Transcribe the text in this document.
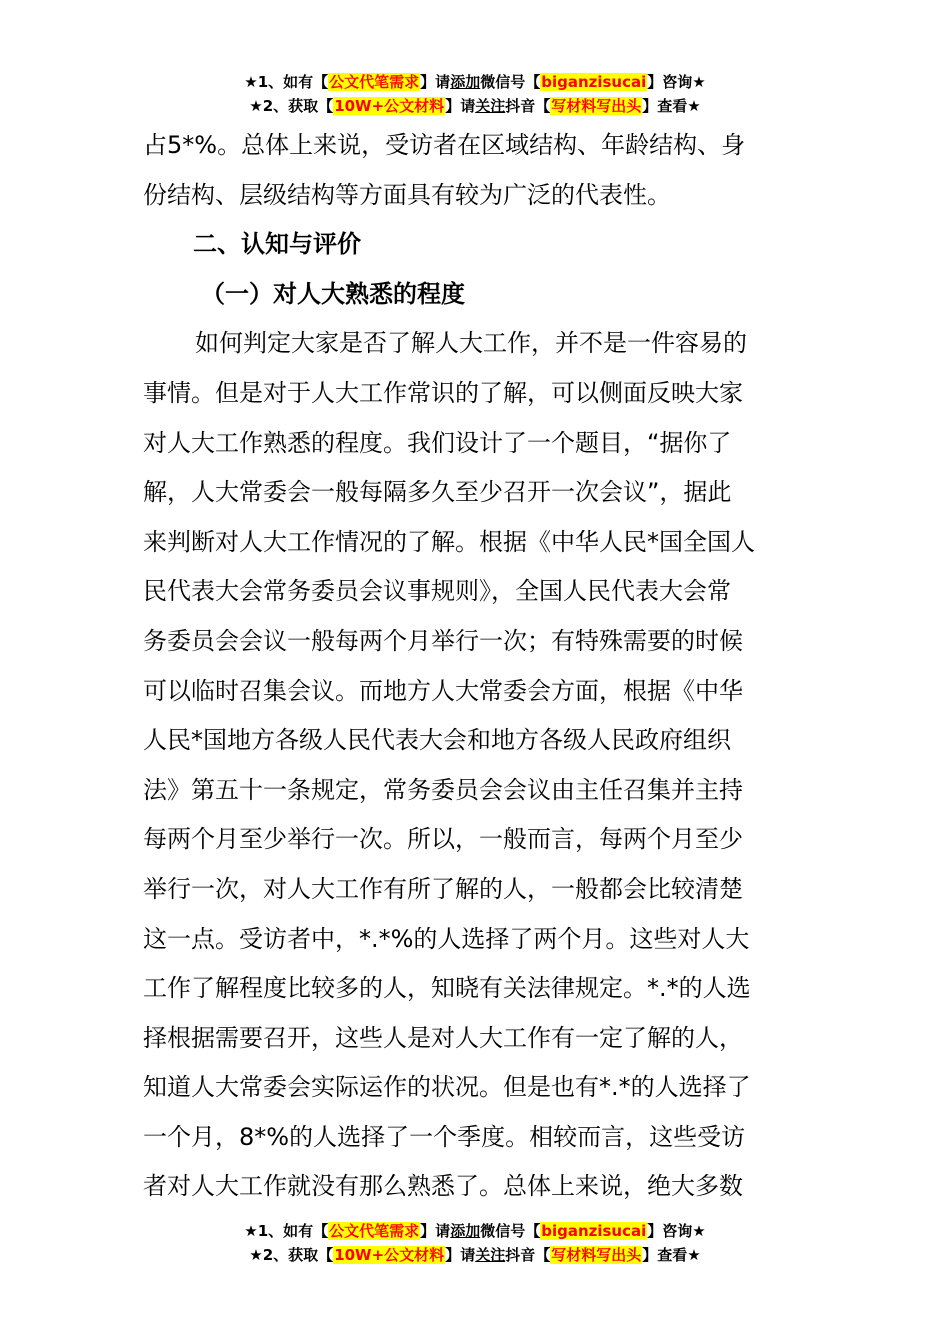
★1、如有【公文代笔需求】请添加微信号【biganzisucai】咨询★
★2、获取【10W+公文材料】请关注抖音【写材料写出头】查看★

占5*%。总体上来说，受访者在区域结构、年龄结构、身

份结构、层级结构等方面具有较为广泛的代表性。

二、认知与评价

（一）对人大熟悉的程度

如何判定大家是否了解人大工作，并不是一件容易的

事情。但是对于人大工作常识的了解，可以侧面反映大家

对人大工作熟悉的程度。我们设计了一个题目，“据你了

解，人大常委会一般每隔多久至少召开一次会议”，据此

来判断对人大工作情况的了解。根据《中华人民*国全国人

民代表大会常务委员会议事规则》，全国人民代表大会常

务委员会会议一般每两个月举行一次；有特殊需要的时候

可以临时召集会议。而地方人大常委会方面，根据《中华

人民*国地方各级人民代表大会和地方各级人民政府组织

法》第五十一条规定，常务委员会会议由主任召集并主持

每两个月至少举行一次。所以，一般而言，每两个月至少

举行一次，对人大工作有所了解的人，一般都会比较清楚

这一点。受访者中，*.*%的人选择了两个月。这些对人大

工作了解程度比较多的人，知晓有关法律规定。*.*的人选

择根据需要召开，这些人是对人大工作有一定了解的人，

知道人大常委会实际运作的状况。但是也有*.*的人选择了

一个月，8*%的人选择了一个季度。相较而言，这些受访

者对人大工作就没有那么熟悉了。总体上来说，绝大多数

★1、如有【公文代笔需求】请添加微信号【biganzisucai】咨询★
★2、获取【10W+公文材料】请关注抖音【写材料写出头】查看★
